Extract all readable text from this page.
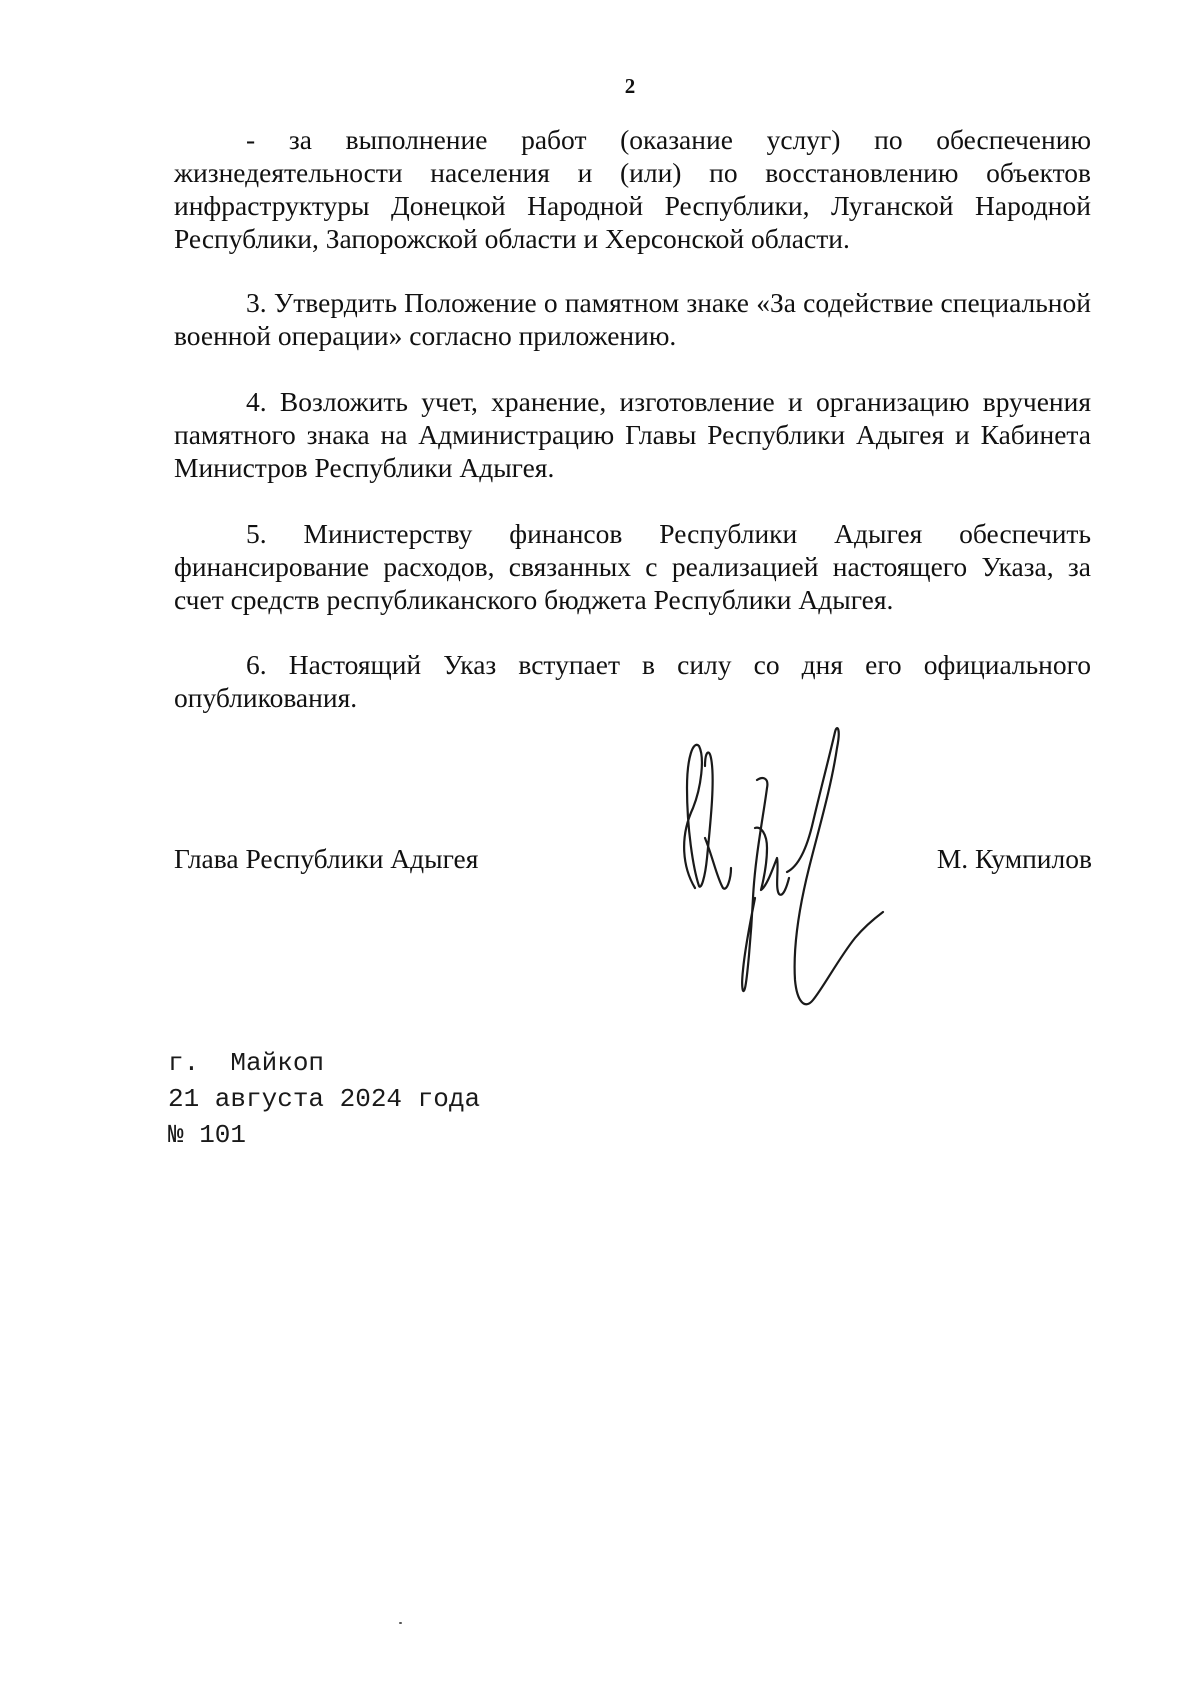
2

- за выполнение работ (оказание услуг) по обеспечению жизнедеятельности населения и (или) по восстановлению объектов инфраструктуры Донецкой Народной Республики, Луганской Народной Республики, Запорожской области и Херсонской области.

3. Утвердить Положение о памятном знаке «За содействие специальной военной операции» согласно приложению.

4. Возложить учет, хранение, изготовление и организацию вручения памятного знака на Администрацию Главы Республики Адыгея и Кабинета Министров Республики Адыгея.

5. Министерству финансов Республики Адыгея обеспечить финансирование расходов, связанных с реализацией настоящего Указа, за счет средств республиканского бюджета Республики Адыгея.

6. Настоящий Указ вступает в силу со дня его официального опубликования.

Глава Республики Адыгея	М. Кумпилов
г.  Майкоп
21 августа 2024 года
№ 101
